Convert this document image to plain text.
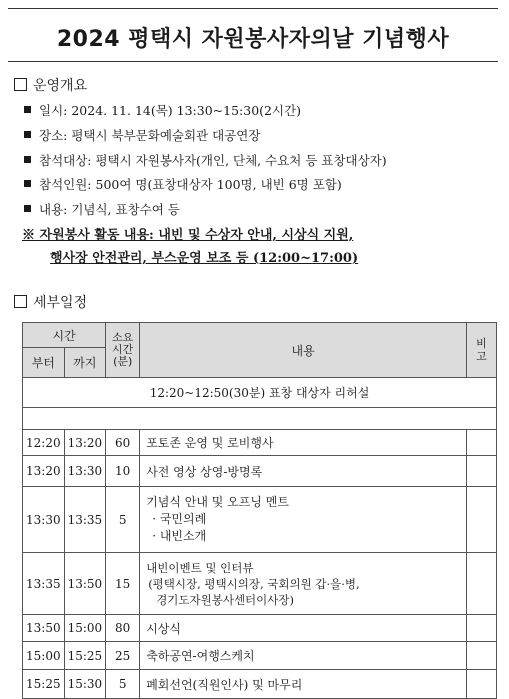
2024 평택시 자원봉사자의날 기념행사
운영개요
일시: 2024. 11. 14(목) 13:30~15:30(2시간)
장소: 평택시 북부문화예술회관 대공연장
참석대상: 평택시 자원봉사자(개인, 단체, 수요처 등 표창대상자)
참석인원: 500여 명(표창대상자 100명, 내빈 6명 포함)
내용: 기념식, 표창수여 등
※ 자원봉사 활동 내용: 내빈 및 수상자 안내, 시상식 지원,
행사장 안전관리, 부스운영 보조 등 (12:00~17:00)
세부일정
시간		소요 시간 (분)	내용	비고
부터	까지			
12:20~12:50(30분) 표창 대상자 리허설				

12:20	13:20	60	포토존 운영 및 로비행사	
13:20	13:30	10	사전 영상 상영-방명록	
13:30	13:35	5	기념식 안내 및 오프닝 멘트
· 국민의례
· 내빈소개	

13:35	13:50	15	내빈이벤트 및 인터뷰
(평택시장, 평택시의장, 국회의원 갑·을·병,
경기도자원봉사센터이사장)	

13:50	15:00	80	시상식	
15:00	15:25	25	축하공연-여행스케치	
15:25	15:30	5	폐회선언(직원인사) 및 마무리	
